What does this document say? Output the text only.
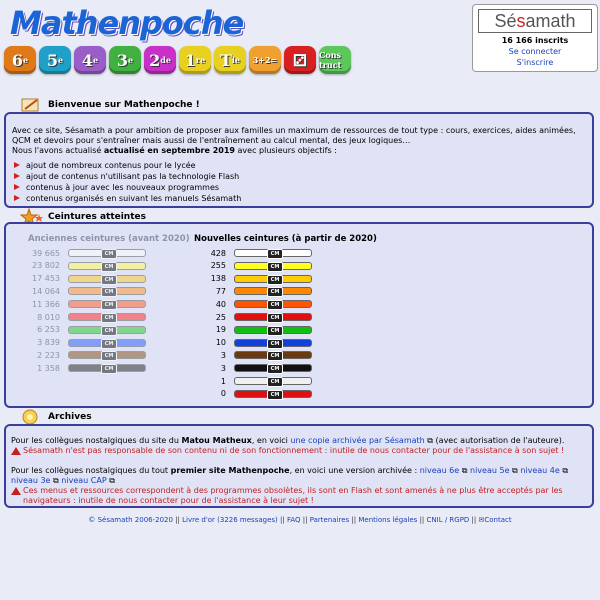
Mathenpoche
6 e 5 e 4 e 3 e 2 de 1 re T le 3+2= ⚂ Cons truct
Sé s amath
16 166 inscrits
Se connecter
S'inscrire
Bienvenue sur Mathenpoche !
Avec ce site, Sésamath a pour ambition de proposer aux familles un maximum de ressources de tout type : cours, exercices, aides animées, QCM et devoirs pour s'entraîner mais aussi de l'entraînement au calcul mental, des jeux logiques…
Nous l'avons actualisé actualisé en septembre 2019 avec plusieurs objectifs :
ajout de nombreux contenus pour le lycée
ajout de contenus n'utilisant pas la technologie Flash
contenus à jour avec les nouveaux programmes
contenus organisés en suivant les manuels Sésamath
Ceintures atteintes
Anciennes ceintures (avant 2020) Nouvelles ceintures (à partir de 2020)
39 665	CM
23 802	CM
17 453	CM
14 064	CM
11 366	CM
8 010	CM
6 253	CM
3 839	CM
2 223	CM
1 358	CM
428	CM
255	CM
138	CM
77	CM
40	CM
25	CM
19	CM
10	CM
3	CM
3	CM
1	CM
0	CM
Archives
Pour les collègues nostalgiques du site du Matou Matheux, en voici une copie archivée par Sésamath ⧉ (avec autorisation de l'auteure).
Sésamath n'est pas responsable de son contenu ni de son fonctionnement : inutile de nous contacter pour de l'assistance à son sujet !
Pour les collègues nostalgiques du tout premier site Mathenpoche, en voici une version archivée : niveau 6e ⧉ niveau 5e ⧉ niveau 4e ⧉ niveau 3e ⧉ niveau CAP ⧉
Ces menus et ressources correspondent à des programmes obsolètes, ils sont en Flash et sont amenés à ne plus être acceptés par les navigateurs : inutile de nous contacter pour de l'assistance à leur sujet !
© Sésamath 2006-2020 || Livre d'or (3226 messages) || FAQ || Partenaires || Mentions légales || CNIL / RGPD || ✉Contact
